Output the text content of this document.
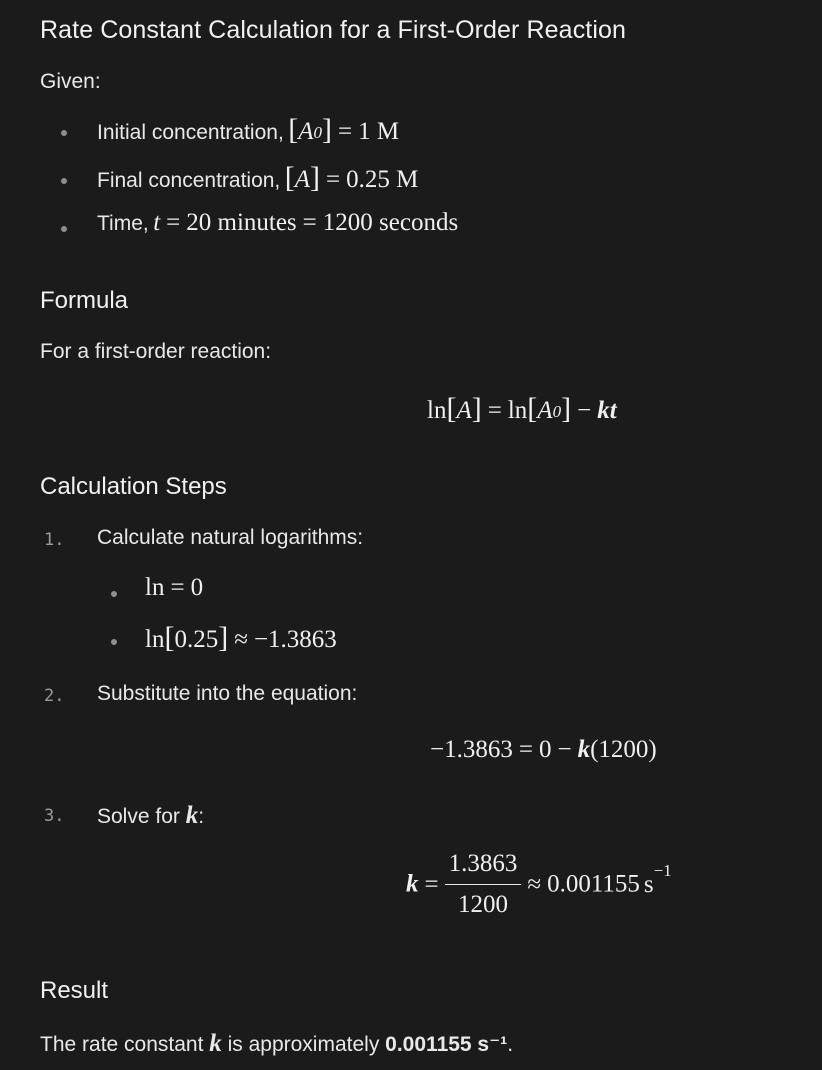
Rate Constant Calculation for a First-Order Reaction
Given:
Initial concentration, [A0] = 1 M
Final concentration, [A] = 0.25 M
Time, t = 20 minutes = 1200 seconds
Formula
For a first-order reaction:
ln[A] = ln[A0] − kt
Calculation Steps
1. Calculate natural logarithms:
ln = 0
ln[0.25] ≈ −1.3863
2. Substitute into the equation:
−1.3863 = 0 − k(1200)
3. Solve for k:
$k = \frac{1.3863}{1200} \approx 0.001155$ $s^{-1}$
Result
The rate constant k is approximately 0.001155 s⁻¹.
